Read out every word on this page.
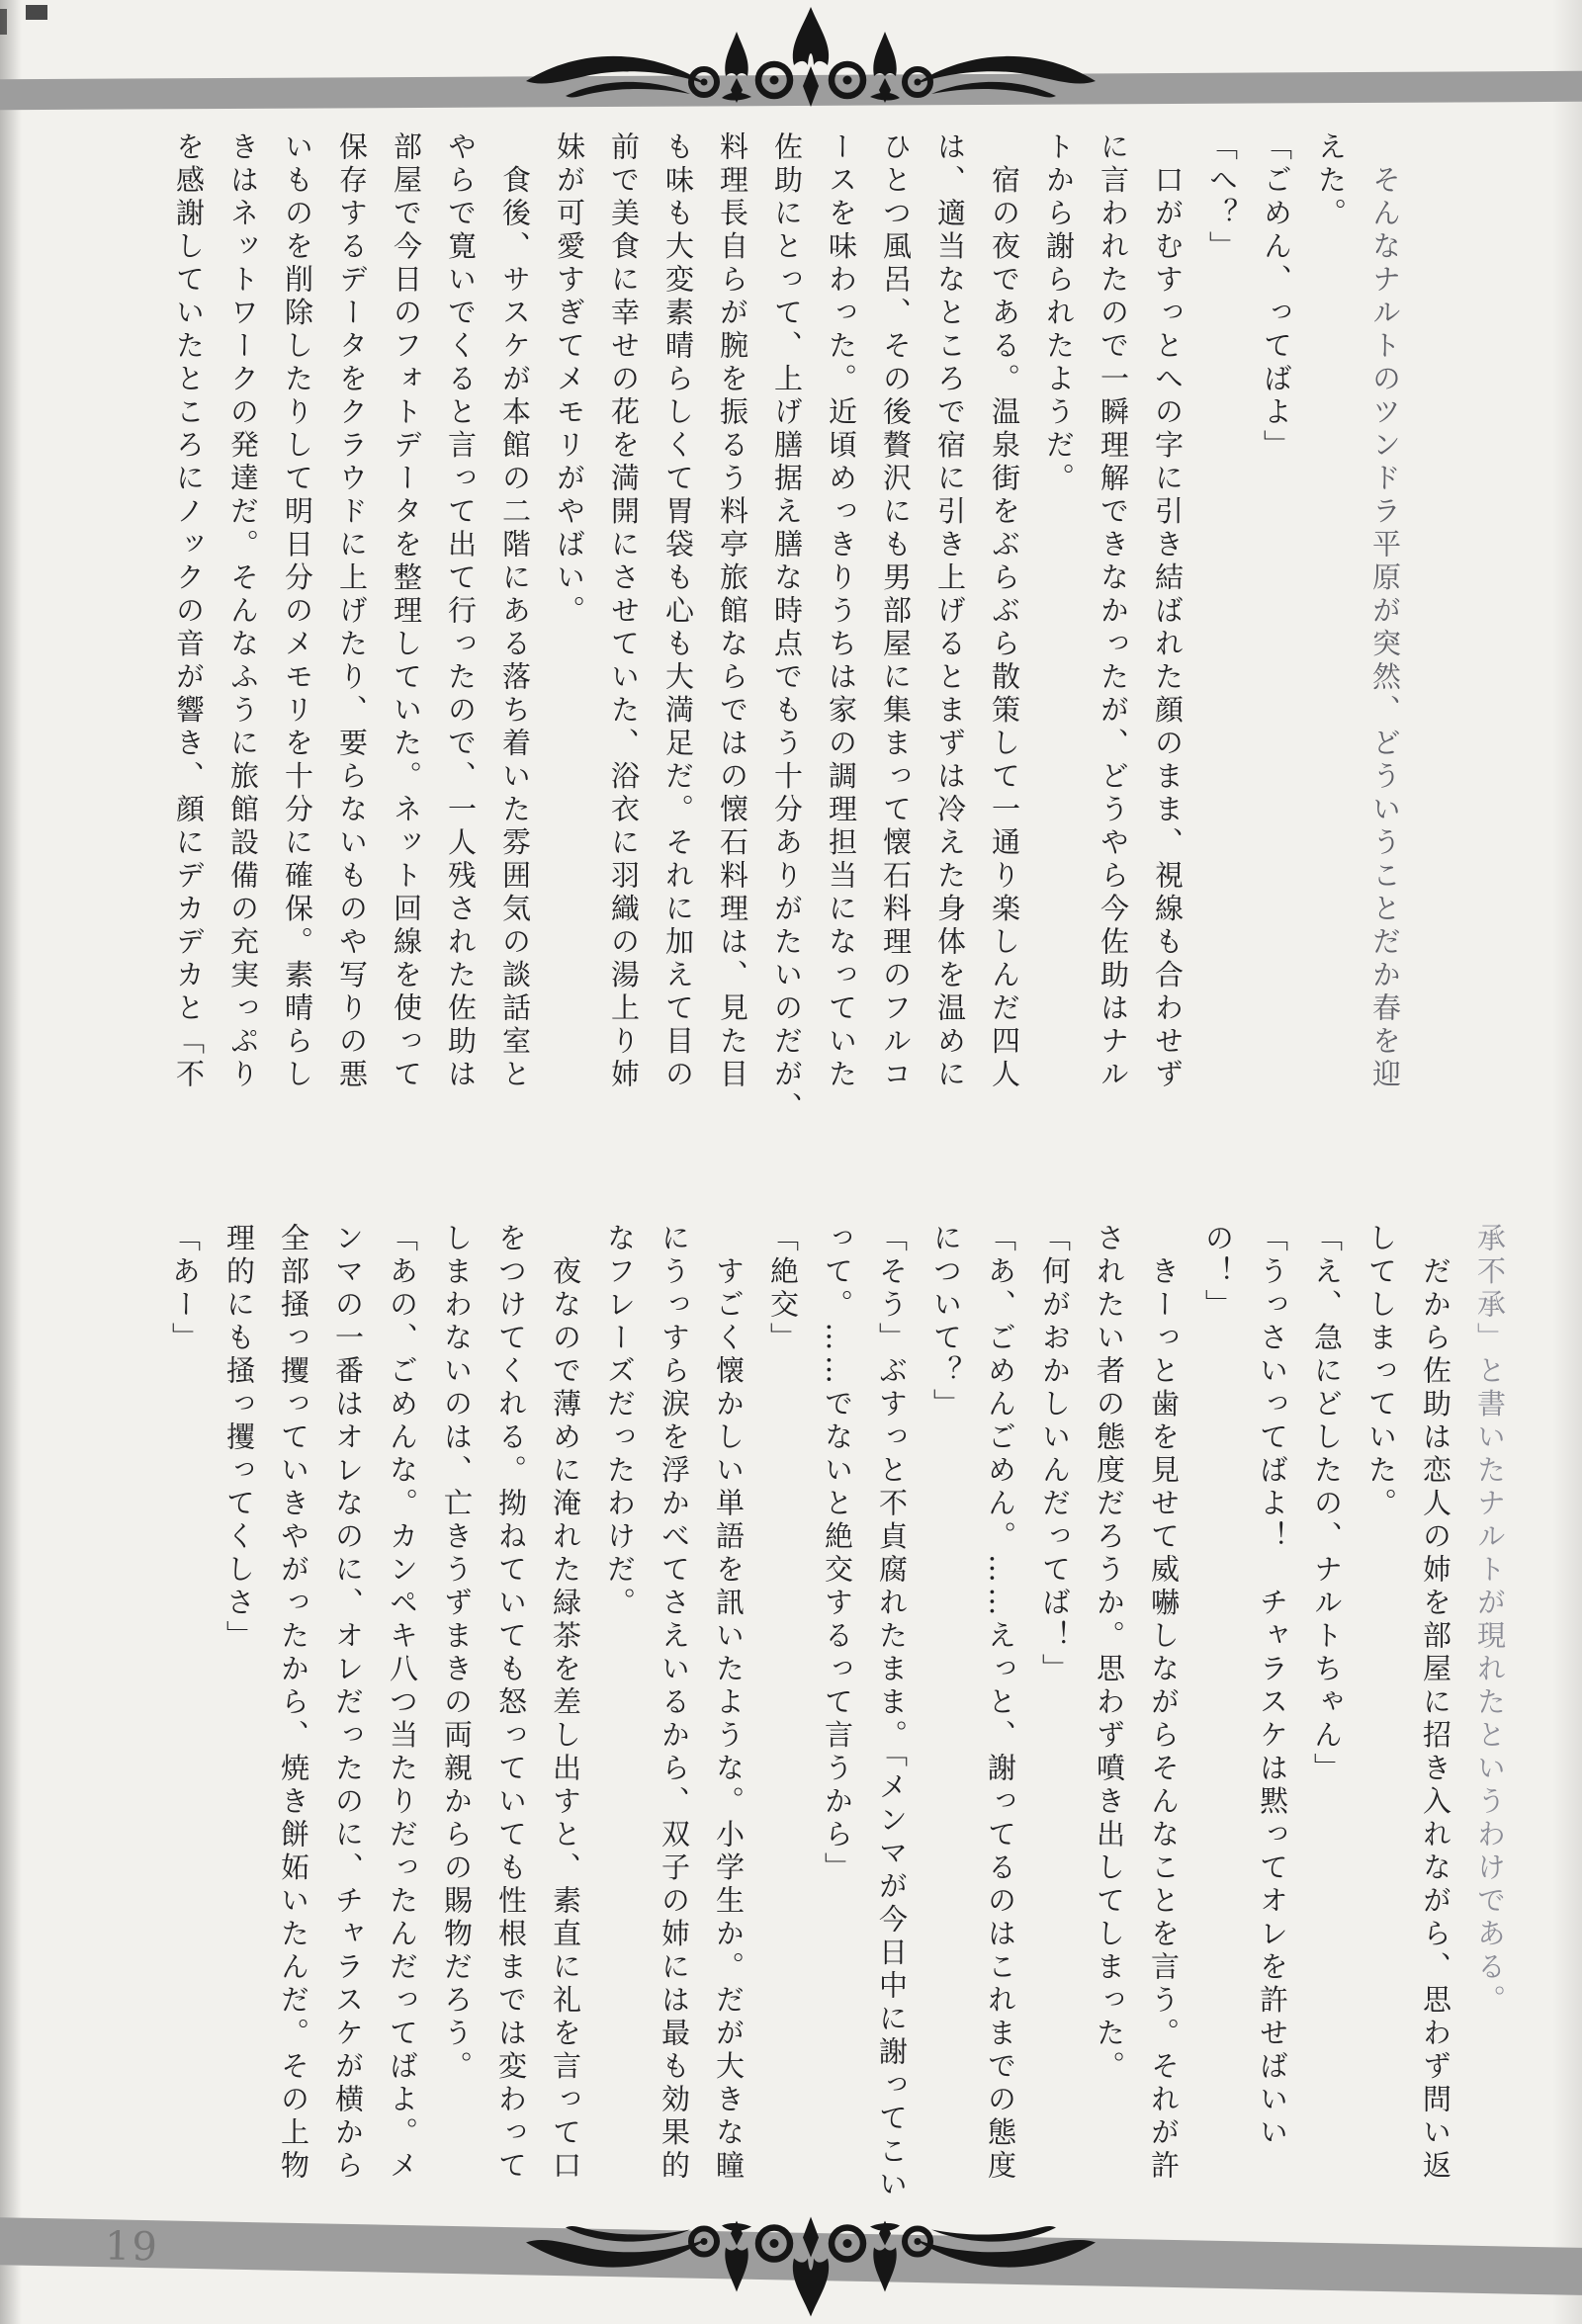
　そんなナルトのツンドラ平原が突然、どういうことだか春を迎
えた。
「ごめん、ってばよ」
「へ？」
　口がむすっとへの字に引き結ばれた顔のまま、視線も合わせず
に言われたので一瞬理解できなかったが、どうやら今佐助はナル
トから謝られたようだ。
　宿の夜である。温泉街をぶらぶら散策して一通り楽しんだ四人
は、適当なところで宿に引き上げるとまずは冷えた身体を温めに
ひとつ風呂、その後贅沢にも男部屋に集まって懐石料理のフルコ
ースを味わった。近頃めっきりうちは家の調理担当になっていた
佐助にとって、上げ膳据え膳な時点でもう十分ありがたいのだが、
料理長自らが腕を振るう料亭旅館ならではの懐石料理は、見た目
も味も大変素晴らしくて胃袋も心も大満足だ。それに加えて目の
前で美食に幸せの花を満開にさせていた、浴衣に羽織の湯上り姉
妹が可愛すぎてメモリがやばい。
　食後、サスケが本館の二階にある落ち着いた雰囲気の談話室と
やらで寛いでくると言って出て行ったので、一人残された佐助は
部屋で今日のフォトデータを整理していた。ネット回線を使って
保存するデータをクラウドに上げたり、要らないものや写りの悪
いものを削除したりして明日分のメモリを十分に確保。素晴らし
きはネットワークの発達だ。そんなふうに旅館設備の充実っぷり
を感謝していたところにノックの音が響き、顔にデカデカと「不
承不承」と書いたナルトが現れたというわけである。
　だから佐助は恋人の姉を部屋に招き入れながら、思わず問い返
してしまっていた。
「え、急にどしたの、ナルトちゃん」
「うっさいってばよ！　チャラスケは黙ってオレを許せばいい
の！」
　きーっと歯を見せて威嚇しながらそんなことを言う。それが許
されたい者の態度だろうか。思わず噴き出してしまった。
「何がおかしいんだってば！」
「あ、ごめんごめん。……えっと、謝ってるのはこれまでの態度
について？」
「そう」ぶすっと不貞腐れたまま。「メンマが今日中に謝ってこい
って。……でないと絶交するって言うから」
「絶交」
　すごく懐かしい単語を訊いたような。小学生か。だが大きな瞳
にうっすら涙を浮かべてさえいるから、双子の姉には最も効果的
なフレーズだったわけだ。
　夜なので薄めに淹れた緑茶を差し出すと、素直に礼を言って口
をつけてくれる。拗ねていても怒っていても性根までは変わって
しまわないのは、亡きうずまきの両親からの賜物だろう。
「あの、ごめんな。カンペキ八つ当たりだったんだってばよ。メ
ンマの一番はオレなのに、オレだったのに、チャラスケが横から
全部掻っ攫っていきやがったから、焼き餅妬いたんだ。その上物
理的にも掻っ攫ってくしさ」
「あー」
19
